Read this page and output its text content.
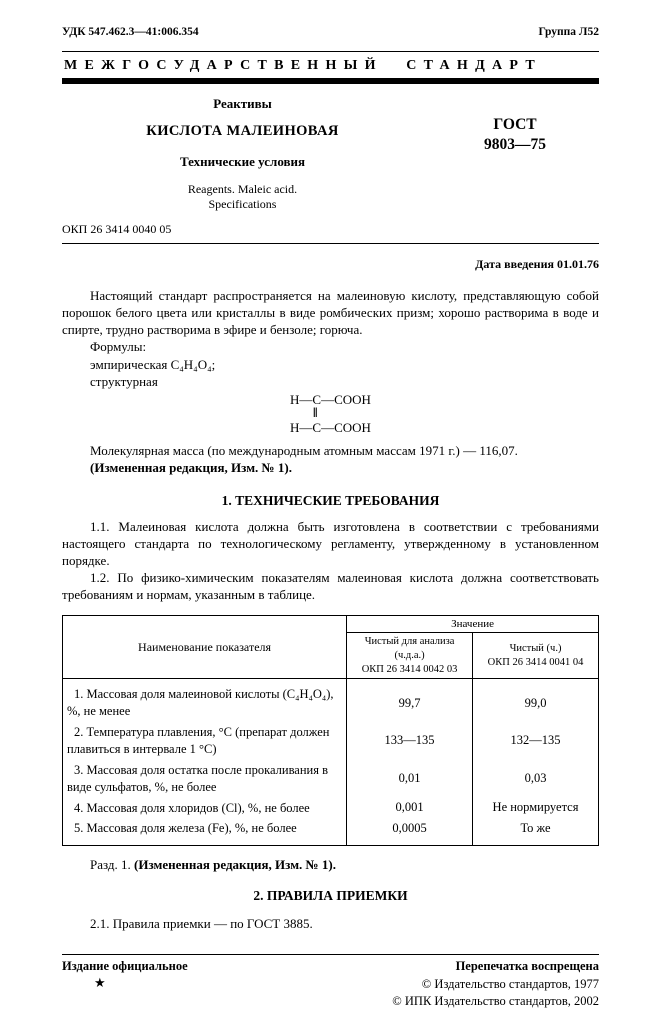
УДК 547.462.3—41:006.354	Группа Л52
МЕЖГОСУДАРСТВЕННЫЙ СТАНДАРТ
Реактивы
КИСЛОТА МАЛЕИНОВАЯ
Технические условия
Reagents. Maleic acid.
Specifications
ГОСТ
9803—75
ОКП 26 3414 0040 05
Дата введения 01.01.76
Настоящий стандарт распространяется на малеиновую кислоту, представляющую собой порошок белого цвета или кристаллы в виде ромбических призм; хорошо растворима в воде и спирте, трудно растворима в эфире и бензоле; горюча.
Формулы:
эмпирическая C₄H₄O₄;
структурная
H—C—COOH
‖
H—C—COOH
Молекулярная масса (по международным атомным массам 1971 г.) — 116,07.
(Измененная редакция, Изм. № 1).
1. ТЕХНИЧЕСКИЕ ТРЕБОВАНИЯ
1.1. Малеиновая кислота должна быть изготовлена в соответствии с требованиями настоящего стандарта по технологическому регламенту, утвержденному в установленном порядке.
1.2. По физико-химическим показателям малеиновая кислота должна соответствовать требованиям и нормам, указанным в таблице.
Наименование показателя	Значение	

Чистый для анализа (ч.д.а.)
ОКП 26 3414 0042 03

Чистый (ч.)
ОКП 26 3414 0041 04

1. Массовая доля малеиновой кислоты (C₄H₄O₄), %, не менее	99,7	99,0
2. Температура плавления, °С (препарат должен плавиться в интервале 1 °С)	133—135	132—135
3. Массовая доля остатка после прокаливания в виде сульфатов, %, не более	0,01	0,03
4. Массовая доля хлоридов (Cl), %, не более	0,001	Не нормируется
5. Массовая доля железа (Fe), %, не более	0,0005	То же
Разд. 1. (Измененная редакция, Изм. № 1).
2. ПРАВИЛА ПРИЕМКИ
2.1. Правила приемки — по ГОСТ 3885.
Издание официальное
★
Перепечатка воспрещена
© Издательство стандартов, 1977
© ИПК Издательство стандартов, 2002
